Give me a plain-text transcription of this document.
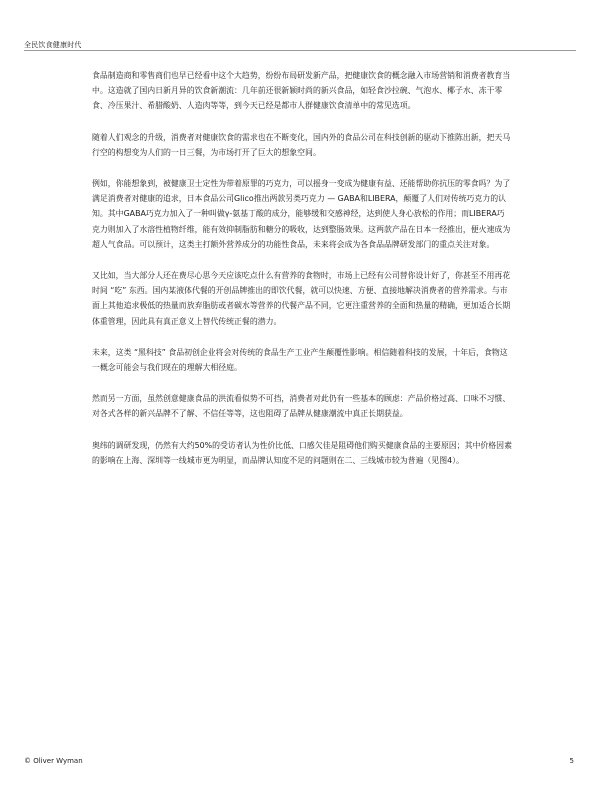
全民饮食健康时代

食品制造商和零售商们也早已经看中这个大趋势，纷纷布局研发新产品，把健康饮食的概念融入市场营销和消费者教育当中。这造就了国内日新月异的饮食新潮流：几年前还很新颖时尚的新兴食品，如轻食沙拉碗、气泡水、椰子水、冻干零食、冷压果汁、希腊酸奶、人造肉等等，到今天已经是都市人群健康饮食清单中的常见选项。

随着人们观念的升级，消费者对健康饮食的需求也在不断变化，国内外的食品公司在科技创新的驱动下推陈出新，把天马行空的构想变为人们的一日三餐，为市场打开了巨大的想象空间。

例如，你能想象到，被健康卫士定性为带着原罪的巧克力，可以摇身一变成为健康有益、还能帮助你抗压的零食吗？为了满足消费者对健康的追求，日本食品公司Glico推出两款另类巧克力 — GABA和LIBERA，颠覆了人们对传统巧克力的认知。其中GABA巧克力加入了一种叫做γ-氨基丁酸的成分，能够缓和交感神经，达到使人身心放松的作用；而LIBERA巧克力则加入了水溶性植物纤维，能有效抑制脂肪和糖分的吸收，达到整肠效果。这两款产品在日本一经推出，便火速成为超人气食品。可以预计，这类主打额外营养成分的功能性食品，未来将会成为各食品品牌研发部门的重点关注对象。

又比如，当大部分人还在费尽心思今天应该吃点什么有营养的食物时，市场上已经有公司替你设计好了，你甚至不用再花时间 “吃” 东西。国内某液体代餐的开创品牌推出的即饮代餐，就可以快速、方便、直接地解决消费者的营养需求。与市面上其他追求极低的热量而放弃脂肪或者碳水等营养的代餐产品不同，它更注重营养的全面和热量的精确，更加适合长期体重管理，因此具有真正意义上替代传统正餐的潜力。

未来，这类 “黑科技” 食品初创企业将会对传统的食品生产工业产生颠覆性影响。相信随着科技的发展，十年后，食物这一概念可能会与我们现在的理解大相径庭。

然而另一方面，虽然创意健康食品的洪流看似势不可挡，消费者对此仍有一些基本的顾虑：产品价格过高、口味不习惯、对各式各样的新兴品牌不了解、不信任等等，这也阻碍了品牌从健康潮流中真正长期获益。

奥纬的调研发现，仍然有大约50%的受访者认为性价比低、口感欠佳是阻碍他们购买健康食品的主要原因；其中价格因素的影响在上海、深圳等一线城市更为明显，而品牌认知度不足的问题则在二、三线城市较为普遍（见图4）。

© Oliver Wyman	5
